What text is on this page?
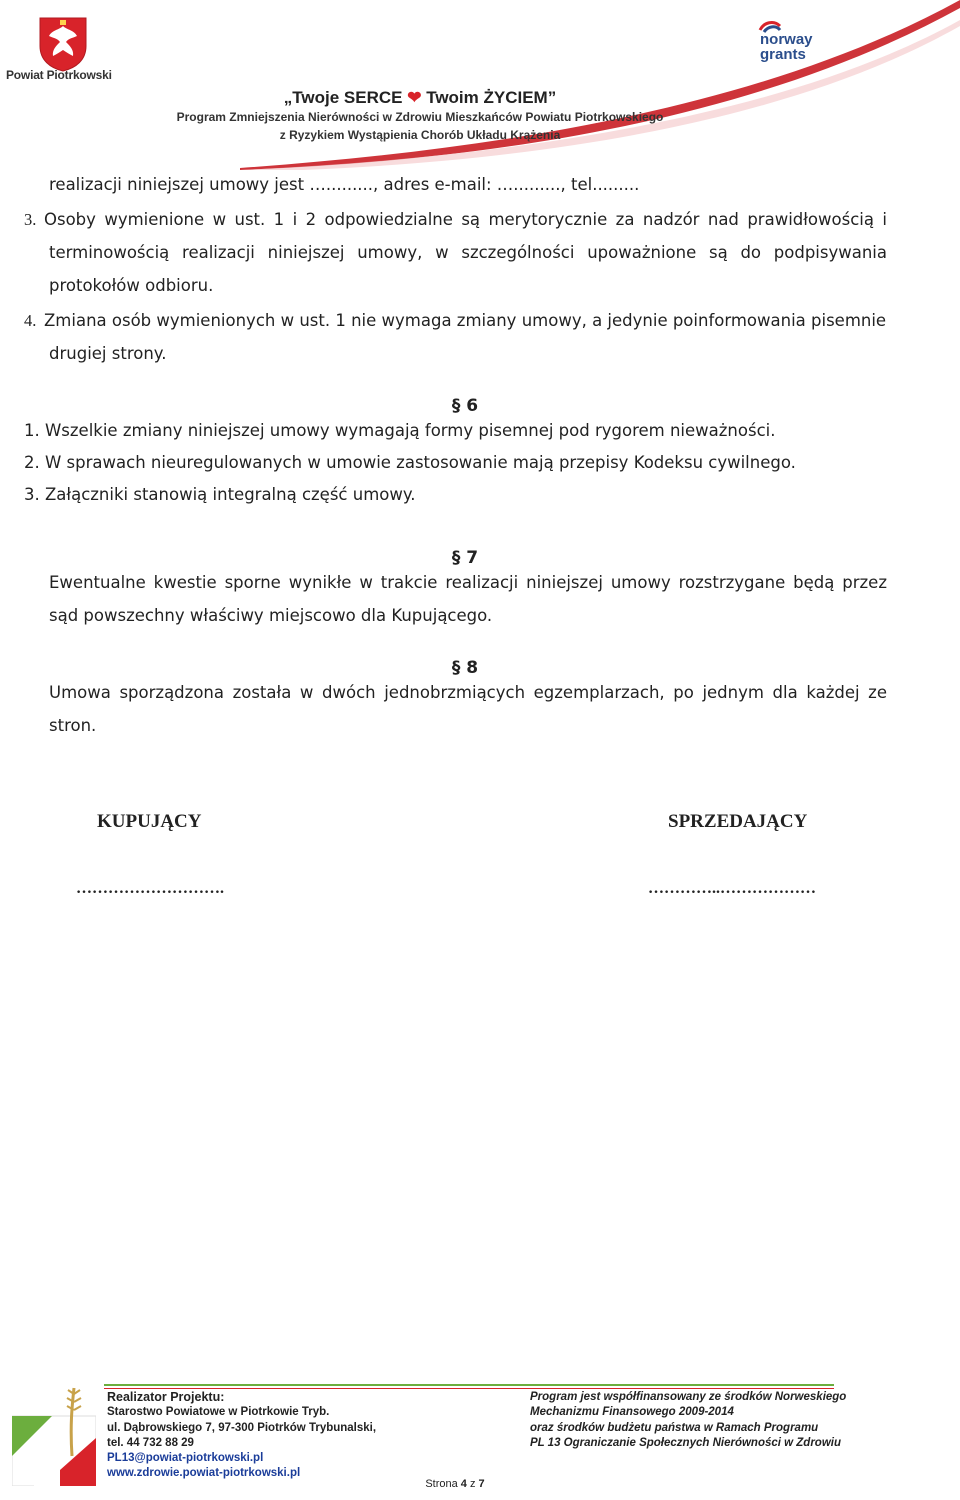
Powiat Piotrkowski
norway
grants
„Twoje SERCE ❤ Twoim ŻYCIEM”
Program Zmniejszenia Nierówności w Zdrowiu Mieszkańców Powiatu Piotrkowskiego
z Ryzykiem Wystąpienia Chorób Układu Krążenia
realizacji niniejszej umowy jest …........., adres e-mail: …........., tel.........
3. Osoby wymienione w ust. 1 i 2 odpowiedzialne są merytorycznie za nadzór nad prawidłowością i terminowością realizacji niniejszej umowy, w szczególności upoważnione są do podpisywania protokołów odbioru.
4. Zmiana osób wymienionych w ust. 1 nie wymaga zmiany umowy, a jedynie poinformowania pisemnie drugiej strony.
§ 6
1. Wszelkie zmiany niniejszej umowy wymagają formy pisemnej pod rygorem nieważności.
2. W sprawach nieuregulowanych w umowie zastosowanie mają przepisy Kodeksu cywilnego.
3. Załączniki stanowią integralną część umowy.
§ 7
Ewentualne kwestie sporne wynikłe w trakcie realizacji niniejszej umowy rozstrzygane będą przez sąd powszechny właściwy miejscowo dla Kupującego.
§ 8
Umowa sporządzona została w dwóch jednobrzmiących egzemplarzach, po jednym dla każdej ze stron.
KUPUJĄCY	SPRZEDAJĄCY
……………………….	…………..………………
Realizator Projektu:
Starostwo Powiatowe w Piotrkowie Tryb.
ul. Dąbrowskiego 7, 97-300 Piotrków Trybunalski,
tel. 44 732 88 29
PL13@powiat-piotrkowski.pl
www.zdrowie.powiat-piotrkowski.pl
Program jest współfinansowany ze środków Norweskiego
Mechanizmu Finansowego 2009-2014
oraz środków budżetu państwa w Ramach Programu
PL 13 Ograniczanie Społecznych Nierówności w Zdrowiu
Strona 4 z 7
